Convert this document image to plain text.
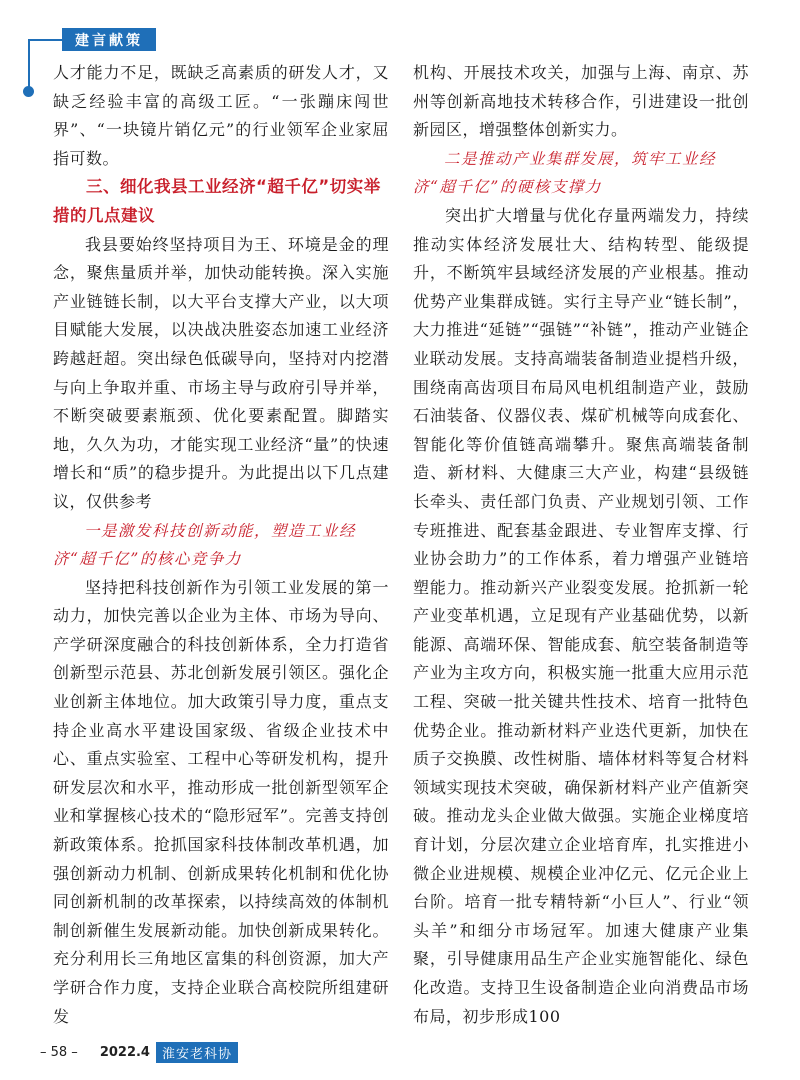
建言献策

人才能力不足，既缺乏高素质的研发人才，又缺乏经验丰富的高级工匠。“一张蹦床闯世界”、“一块镜片销亿元”的行业领军企业家屈指可数。

三、细化我县工业经济“超千亿”切实举措的几点建议

我县要始终坚持项目为王、环境是金的理念，聚焦量质并举，加快动能转换。深入实施产业链链长制，以大平台支撑大产业，以大项目赋能大发展，以决战决胜姿态加速工业经济跨越赶超。突出绿色低碳导向，坚持对内挖潜与向上争取并重、市场主导与政府引导并举，不断突破要素瓶颈、优化要素配置。脚踏实地，久久为功，才能实现工业经济“量”的快速增长和“质”的稳步提升。为此提出以下几点建议，仅供参考

一是激发科技创新动能，塑造工业经济“超千亿”的核心竞争力

坚持把科技创新作为引领工业发展的第一动力，加快完善以企业为主体、市场为导向、产学研深度融合的科技创新体系，全力打造省创新型示范县、苏北创新发展引领区。强化企业创新主体地位。加大政策引导力度，重点支持企业高水平建设国家级、省级企业技术中心、重点实验室、工程中心等研发机构，提升研发层次和水平，推动形成一批创新型领军企业和掌握核心技术的“隐形冠军”。完善支持创新政策体系。抢抓国家科技体制改革机遇，加强创新动力机制、创新成果转化机制和优化协同创新机制的改革探索，以持续高效的体制机制创新催生发展新动能。加快创新成果转化。充分利用长三角地区富集的科创资源，加大产学研合作力度，支持企业联合高校院所组建研发

机构、开展技术攻关，加强与上海、南京、苏州等创新高地技术转移合作，引进建设一批创新园区，增强整体创新实力。

二是推动产业集群发展，筑牢工业经济“超千亿”的硬核支撑力

突出扩大增量与优化存量两端发力，持续推动实体经济发展壮大、结构转型、能级提升，不断筑牢县域经济发展的产业根基。推动优势产业集群成链。实行主导产业“链长制”，大力推进“延链”“强链”“补链”，推动产业链企业联动发展。支持高端装备制造业提档升级，围绕南高齿项目布局风电机组制造产业，鼓励石油装备、仪器仪表、煤矿机械等向成套化、智能化等价值链高端攀升。聚焦高端装备制造、新材料、大健康三大产业，构建“县级链长牵头、责任部门负责、产业规划引领、工作专班推进、配套基金跟进、专业智库支撑、行业协会助力”的工作体系，着力增强产业链培塑能力。推动新兴产业裂变发展。抢抓新一轮产业变革机遇，立足现有产业基础优势，以新能源、高端环保、智能成套、航空装备制造等产业为主攻方向，积极实施一批重大应用示范工程、突破一批关键共性技术、培育一批特色优势企业。推动新材料产业迭代更新，加快在质子交换膜、改性树脂、墙体材料等复合材料领域实现技术突破，确保新材料产业产值新突破。推动龙头企业做大做强。实施企业梯度培育计划，分层次建立企业培育库，扎实推进小微企业进规模、规模企业冲亿元、亿元企业上台阶。培育一批专精特新“小巨人”、行业“领头羊”和细分市场冠军。加速大健康产业集聚，引导健康用品生产企业实施智能化、绿色化改造。支持卫生设备制造企业向消费品市场布局，初步形成100

– 58 – 2022.4 淮安老科协
